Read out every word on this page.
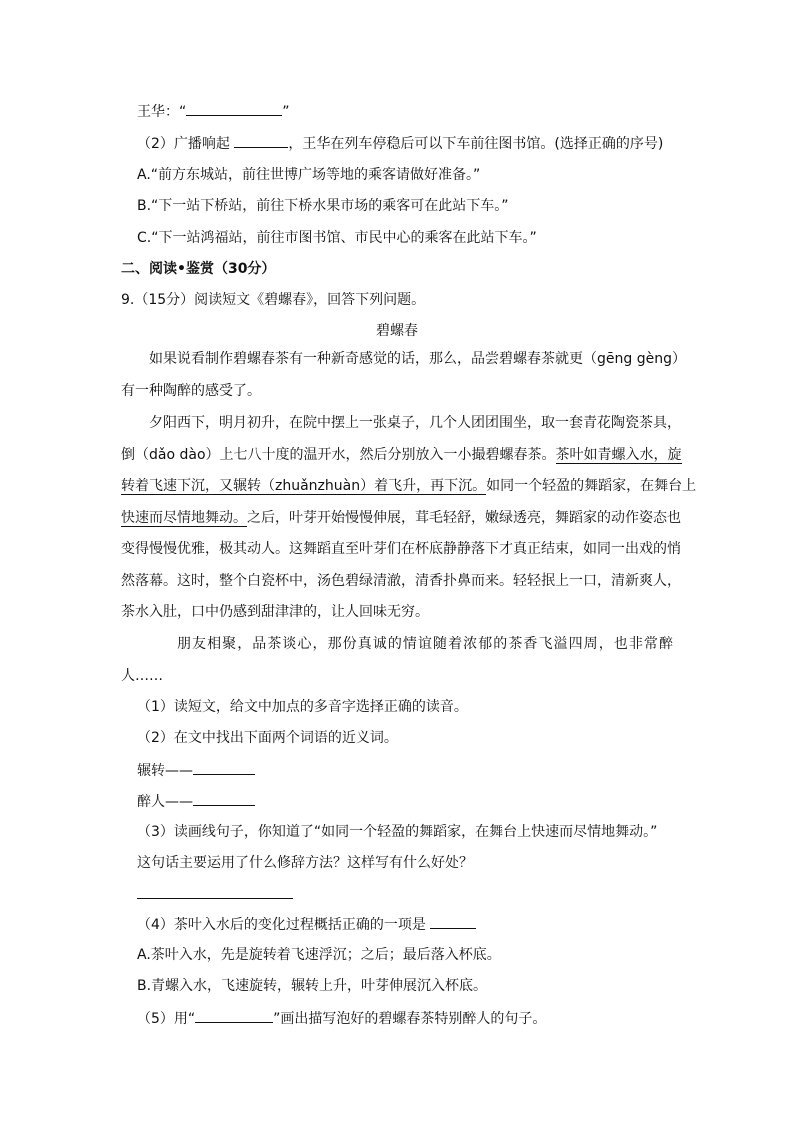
王华：“	”
（2）广播响起	，王华在列车停稳后可以下车前往图书馆。(选择正确的序号)
A.“前方东城站，前往世博广场等地的乘客请做好准备。”
B.“下一站下桥站，前往下桥水果市场的乘客可在此站下车。”
C.“下一站鸿福站，前往市图书馆、市民中心的乘客在此站下车。”
二、阅读•鉴赏（30分）
9.（15分）阅读短文《碧螺春》，回答下列问题。
碧螺春
如果说看制作碧螺春茶有一种新奇感觉的话，那么，品尝碧螺春茶就更（gēng gèng）
有一种陶醉的感受了。
夕阳西下，明月初升，在院中摆上一张桌子，几个人团团围坐，取一套青花陶瓷茶具，
倒（dǎo dào）上七八十度的温开水，然后分别放入一小撮碧螺春茶。茶叶如青螺入水，旋
转着飞速下沉，又辗转（zhuǎnzhuàn）着飞升，再下沉。如同一个轻盈的舞蹈家，在舞台上
快速而尽情地舞动。之后，叶芽开始慢慢伸展，茸毛轻舒，嫩绿透亮，舞蹈家的动作姿态也
变得慢慢优雅，极其动人。这舞蹈直至叶芽们在杯底静静落下才真正结束，如同一出戏的悄
然落幕。这时，整个白瓷杯中，汤色碧绿清澈，清香扑鼻而来。轻轻抿上一口，清新爽人，
茶水入肚，口中仍感到甜津津的，让人回味无穷。
朋友相聚，品茶谈心，那份真诚的情谊随着浓郁的茶香飞溢四周，也非常醉
人……
（1）读短文，给文中加点的多音字选择正确的读音。
（2）在文中找出下面两个词语的近义词。
辗转——
醉人——
（3）读画线句子，你知道了“如同一个轻盈的舞蹈家，在舞台上快速而尽情地舞动。”
这句话主要运用了什么修辞方法？这样写有什么好处？
（4）茶叶入水后的变化过程概括正确的一项是
A.茶叶入水，先是旋转着飞速浮沉；之后；最后落入杯底。
B.青螺入水，飞速旋转，辗转上升，叶芽伸展沉入杯底。
（5）用“	”画出描写泡好的碧螺春茶特别醉人的句子。
